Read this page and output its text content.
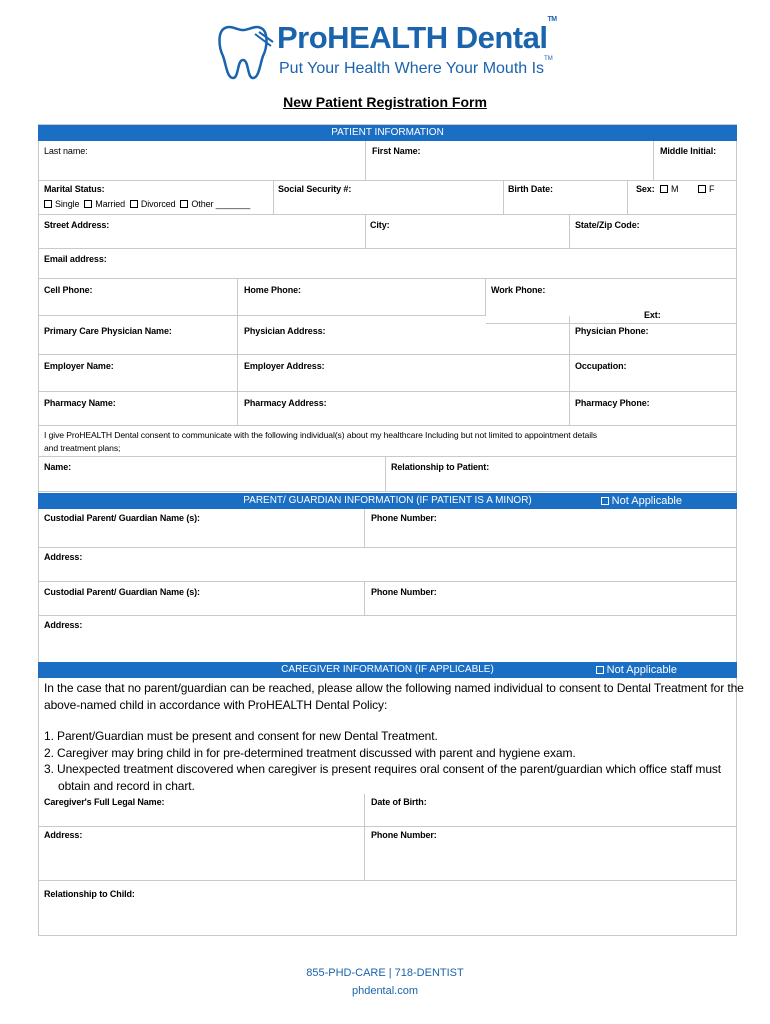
ProHEALTH Dental™
Put Your Health Where Your Mouth Is™
New Patient Registration Form
PATIENT INFORMATION
Last name:	First Name:	Middle Initial:
Marital Status:
Single Married Divorced Other _______
Social Security #:	Birth Date:	Sex:	M	F
Street Address:	City:	State/Zip Code:
Email address:
Cell Phone:	Home Phone:	Work Phone:
Ext:
Primary Care Physician Name:	Physician Address:	Physician Phone:
Employer Name:	Employer Address:	Occupation:
Pharmacy Name:	Pharmacy Address:	Pharmacy Phone:
I give ProHEALTH Dental consent to communicate with the following individual(s) about my healthcare Including but not limited to appointment details
and treatment plans;
Name:	Relationship to Patient:
PARENT/ GUARDIAN INFORMATION (IF PATIENT IS A MINOR)	Not Applicable
Custodial Parent/ Guardian Name (s):	Phone Number:
Address:
Custodial Parent/ Guardian Name (s):	Phone Number:
Address:
CAREGIVER INFORMATION (IF APPLICABLE)	Not Applicable
In the case that no parent/guardian can be reached, please allow the following named individual to consent to Dental Treatment for the
above-named child in accordance with ProHEALTH Dental Policy:
1. Parent/Guardian must be present and consent for new Dental Treatment.
2. Caregiver may bring child in for pre-determined treatment discussed with parent and hygiene exam.
3. Unexpected treatment discovered when caregiver is present requires oral consent of the parent/guardian which office staff must
obtain and record in chart.
Caregiver's Full Legal Name:	Date of Birth:
Address:	Phone Number:
Relationship to Child:
855-PHD-CARE | 718-DENTIST
phdental.com
